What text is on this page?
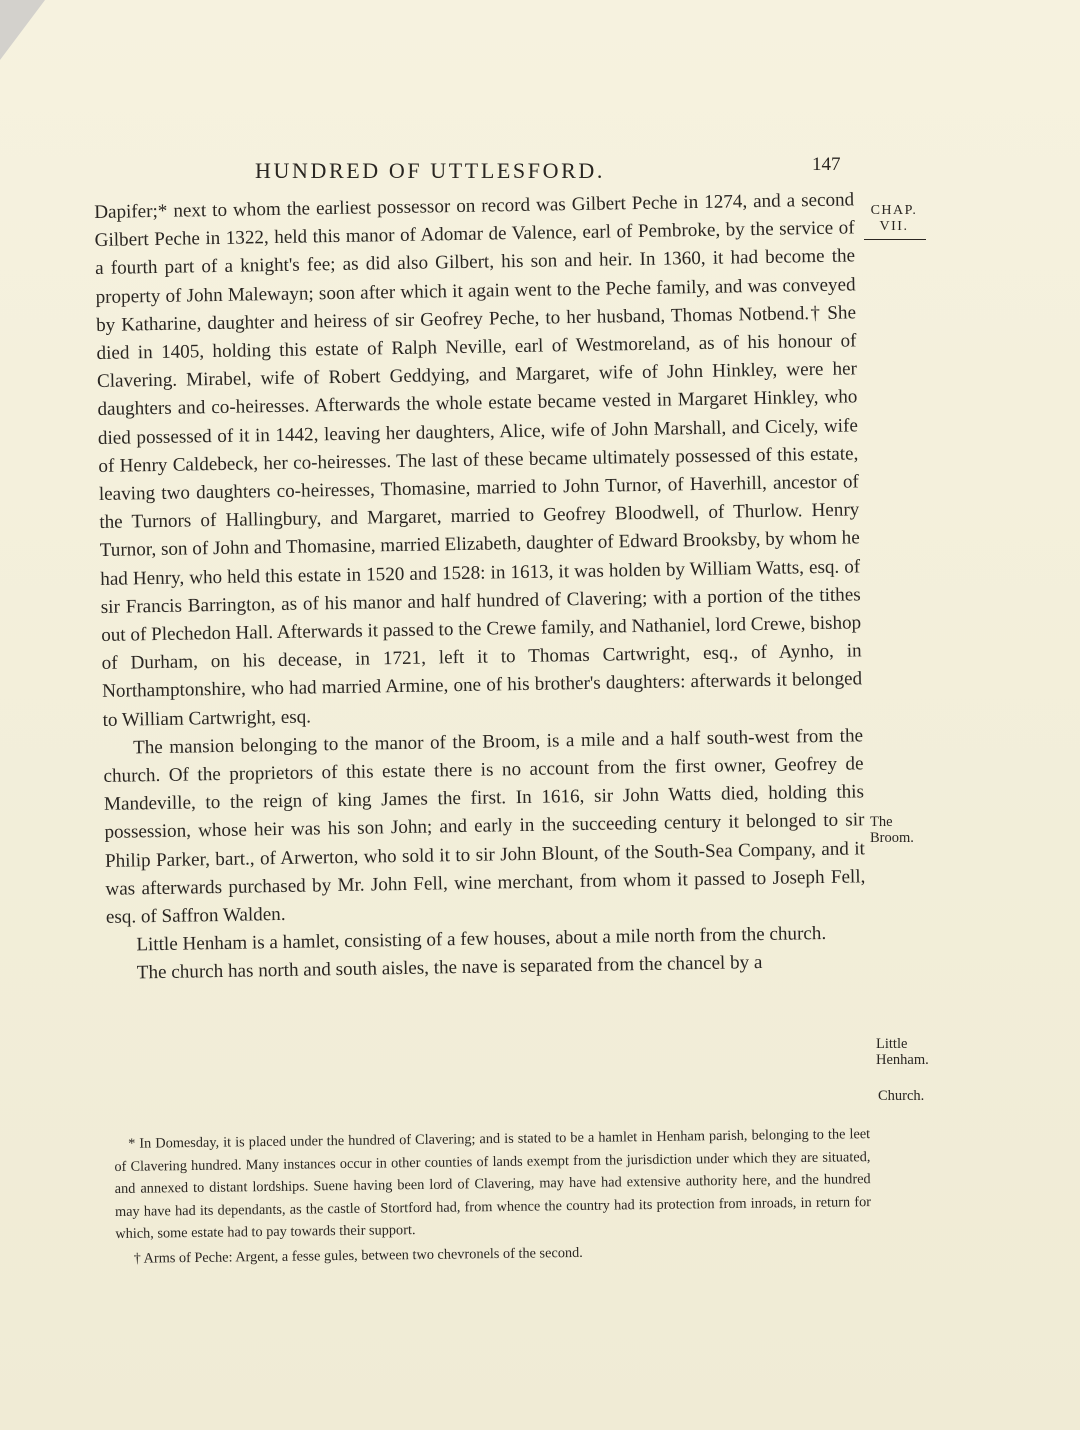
HUNDRED OF UTTLESFORD.	147
CHAP.
VII.

Dapifer;* next to whom the earliest possessor on record was Gilbert Peche in 1274, and a second Gilbert Peche in 1322, held this manor of Adomar de Valence, earl of Pembroke, by the service of a fourth part of a knight's fee; as did also Gilbert, his son and heir. In 1360, it had become the property of John Malewayn; soon after which it again went to the Peche family, and was conveyed by Katharine, daughter and heiress of sir Geofrey Peche, to her husband, Thomas Notbend.† She died in 1405, holding this estate of Ralph Neville, earl of Westmoreland, as of his honour of Clavering. Mirabel, wife of Robert Geddying, and Margaret, wife of John Hinkley, were her daughters and co-heiresses. Afterwards the whole estate became vested in Margaret Hinkley, who died possessed of it in 1442, leaving her daughters, Alice, wife of John Marshall, and Cicely, wife of Henry Caldebeck, her co-heiresses. The last of these became ultimately possessed of this estate, leaving two daughters co-heiresses, Thomasine, married to John Turnor, of Haverhill, ancestor of the Turnors of Hallingbury, and Margaret, married to Geofrey Bloodwell, of Thurlow. Henry Turnor, son of John and Thomasine, married Elizabeth, daughter of Edward Brooksby, by whom he had Henry, who held this estate in 1520 and 1528: in 1613, it was holden by William Watts, esq. of sir Francis Barrington, as of his manor and half hundred of Clavering; with a portion of the tithes out of Plechedon Hall. Afterwards it passed to the Crewe family, and Nathaniel, lord Crewe, bishop of Durham, on his decease, in 1721, left it to Thomas Cartwright, esq., of Aynho, in Northamptonshire, who had married Armine, one of his brother's daughters: afterwards it belonged to William Cartwright, esq.

The mansion belonging to the manor of the Broom, is a mile and a half south-west from the church. Of the proprietors of this estate there is no account from the first owner, Geofrey de Mandeville, to the reign of king James the first. In 1616, sir John Watts died, holding this possession, whose heir was his son John; and early in the succeeding century it belonged to sir Philip Parker, bart., of Arwerton, who sold it to sir John Blount, of the South-Sea Company, and it was afterwards purchased by Mr. John Fell, wine merchant, from whom it passed to Joseph Fell, esq. of Saffron Walden.

Little Henham is a hamlet, consisting of a few houses, about a mile north from the church.

The church has north and south aisles, the nave is separated from the chancel by a

The
Broom.
Little
Henham.
Church.

* In Domesday, it is placed under the hundred of Clavering; and is stated to be a hamlet in Henham parish, belonging to the leet of Clavering hundred. Many instances occur in other counties of lands exempt from the jurisdiction under which they are situated, and annexed to distant lordships. Suene having been lord of Clavering, may have had extensive authority here, and the hundred may have had its dependants, as the castle of Stortford had, from whence the country had its protection from inroads, in return for which, some estate had to pay towards their support.

† Arms of Peche: Argent, a fesse gules, between two chevronels of the second.
